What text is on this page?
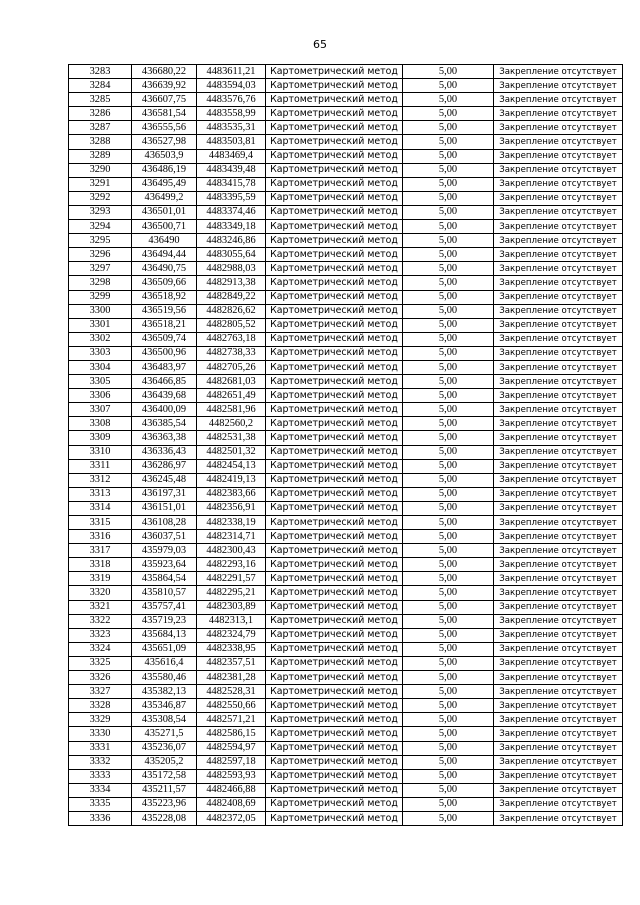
65
3283	436680,22	4483611,21	Картометрический метод	5,00	Закрепление отсутствует
3284	436639,92	4483594,03	Картометрический метод	5,00	Закрепление отсутствует
3285	436607,75	4483576,76	Картометрический метод	5,00	Закрепление отсутствует
3286	436581,54	4483558,99	Картометрический метод	5,00	Закрепление отсутствует
3287	436555,56	4483535,31	Картометрический метод	5,00	Закрепление отсутствует
3288	436527,98	4483503,81	Картометрический метод	5,00	Закрепление отсутствует
3289	436503,9	4483469,4	Картометрический метод	5,00	Закрепление отсутствует
3290	436486,19	4483439,48	Картометрический метод	5,00	Закрепление отсутствует
3291	436495,49	4483415,78	Картометрический метод	5,00	Закрепление отсутствует
3292	436499,2	4483395,59	Картометрический метод	5,00	Закрепление отсутствует
3293	436501,01	4483374,46	Картометрический метод	5,00	Закрепление отсутствует
3294	436500,71	4483349,18	Картометрический метод	5,00	Закрепление отсутствует
3295	436490	4483246,86	Картометрический метод	5,00	Закрепление отсутствует
3296	436494,44	4483055,64	Картометрический метод	5,00	Закрепление отсутствует
3297	436490,75	4482988,03	Картометрический метод	5,00	Закрепление отсутствует
3298	436509,66	4482913,38	Картометрический метод	5,00	Закрепление отсутствует
3299	436518,92	4482849,22	Картометрический метод	5,00	Закрепление отсутствует
3300	436519,56	4482826,62	Картометрический метод	5,00	Закрепление отсутствует
3301	436518,21	4482805,52	Картометрический метод	5,00	Закрепление отсутствует
3302	436509,74	4482763,18	Картометрический метод	5,00	Закрепление отсутствует
3303	436500,96	4482738,33	Картометрический метод	5,00	Закрепление отсутствует
3304	436483,97	4482705,26	Картометрический метод	5,00	Закрепление отсутствует
3305	436466,85	4482681,03	Картометрический метод	5,00	Закрепление отсутствует
3306	436439,68	4482651,49	Картометрический метод	5,00	Закрепление отсутствует
3307	436400,09	4482581,96	Картометрический метод	5,00	Закрепление отсутствует
3308	436385,54	4482560,2	Картометрический метод	5,00	Закрепление отсутствует
3309	436363,38	4482531,38	Картометрический метод	5,00	Закрепление отсутствует
3310	436336,43	4482501,32	Картометрический метод	5,00	Закрепление отсутствует
3311	436286,97	4482454,13	Картометрический метод	5,00	Закрепление отсутствует
3312	436245,48	4482419,13	Картометрический метод	5,00	Закрепление отсутствует
3313	436197,31	4482383,66	Картометрический метод	5,00	Закрепление отсутствует
3314	436151,01	4482356,91	Картометрический метод	5,00	Закрепление отсутствует
3315	436108,28	4482338,19	Картометрический метод	5,00	Закрепление отсутствует
3316	436037,51	4482314,71	Картометрический метод	5,00	Закрепление отсутствует
3317	435979,03	4482300,43	Картометрический метод	5,00	Закрепление отсутствует
3318	435923,64	4482293,16	Картометрический метод	5,00	Закрепление отсутствует
3319	435864,54	4482291,57	Картометрический метод	5,00	Закрепление отсутствует
3320	435810,57	4482295,21	Картометрический метод	5,00	Закрепление отсутствует
3321	435757,41	4482303,89	Картометрический метод	5,00	Закрепление отсутствует
3322	435719,23	4482313,1	Картометрический метод	5,00	Закрепление отсутствует
3323	435684,13	4482324,79	Картометрический метод	5,00	Закрепление отсутствует
3324	435651,09	4482338,95	Картометрический метод	5,00	Закрепление отсутствует
3325	435616,4	4482357,51	Картометрический метод	5,00	Закрепление отсутствует
3326	435580,46	4482381,28	Картометрический метод	5,00	Закрепление отсутствует
3327	435382,13	4482528,31	Картометрический метод	5,00	Закрепление отсутствует
3328	435346,87	4482550,66	Картометрический метод	5,00	Закрепление отсутствует
3329	435308,54	4482571,21	Картометрический метод	5,00	Закрепление отсутствует
3330	435271,5	4482586,15	Картометрический метод	5,00	Закрепление отсутствует
3331	435236,07	4482594,97	Картометрический метод	5,00	Закрепление отсутствует
3332	435205,2	4482597,18	Картометрический метод	5,00	Закрепление отсутствует
3333	435172,58	4482593,93	Картометрический метод	5,00	Закрепление отсутствует
3334	435211,57	4482466,88	Картометрический метод	5,00	Закрепление отсутствует
3335	435223,96	4482408,69	Картометрический метод	5,00	Закрепление отсутствует
3336	435228,08	4482372,05	Картометрический метод	5,00	Закрепление отсутствует
